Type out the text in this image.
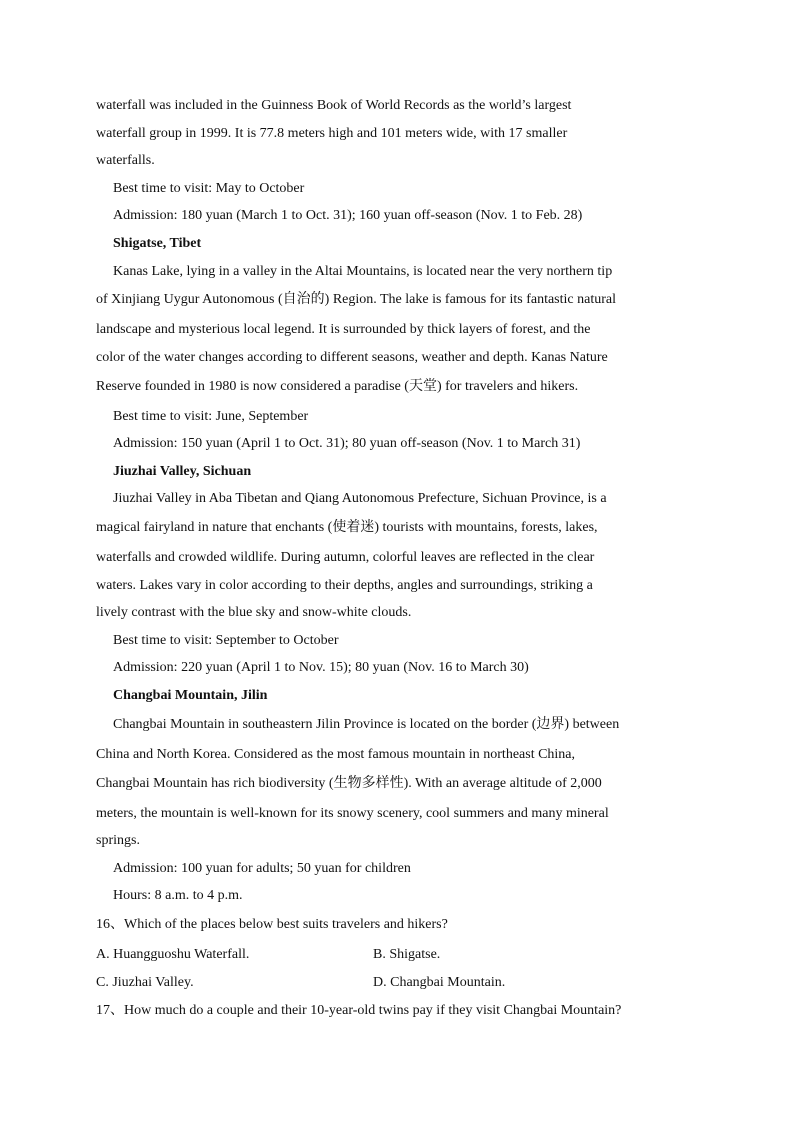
waterfall was included in the Guinness Book of World Records as the world’s largest
waterfall group in 1999. It is 77.8 meters high and 101 meters wide, with 17 smaller
waterfalls.
Best time to visit: May to October
Admission: 180 yuan (March 1 to Oct. 31); 160 yuan off-season (Nov. 1 to Feb. 28)
Shigatse, Tibet
Kanas Lake, lying in a valley in the Altai Mountains, is located near the very northern tip
of Xinjiang Uygur Autonomous (自治的) Region. The lake is famous for its fantastic natural
landscape and mysterious local legend. It is surrounded by thick layers of forest, and the
color of the water changes according to different seasons, weather and depth. Kanas Nature
Reserve founded in 1980 is now considered a paradise (天堂) for travelers and hikers.
Best time to visit: June, September
Admission: 150 yuan (April 1 to Oct. 31); 80 yuan off-season (Nov. 1 to March 31)
Jiuzhai Valley, Sichuan
Jiuzhai Valley in Aba Tibetan and Qiang Autonomous Prefecture, Sichuan Province, is a
magical fairyland in nature that enchants (使着迷) tourists with mountains, forests, lakes,
waterfalls and crowded wildlife. During autumn, colorful leaves are reflected in the clear
waters. Lakes vary in color according to their depths, angles and surroundings, striking a
lively contrast with the blue sky and snow-white clouds.
Best time to visit: September to October
Admission: 220 yuan (April 1 to Nov. 15); 80 yuan (Nov. 16 to March 30)
Changbai Mountain, Jilin
Changbai Mountain in southeastern Jilin Province is located on the border (边界) between
China and North Korea. Considered as the most famous mountain in northeast China,
Changbai Mountain has rich biodiversity (生物多样性). With an average altitude of 2,000
meters, the mountain is well-known for its snowy scenery, cool summers and many mineral
springs.
Admission: 100 yuan for adults; 50 yuan for children
Hours: 8 a.m. to 4 p.m.
16、Which of the places below best suits travelers and hikers?
A. Huangguoshu Waterfall.	B. Shigatse.
C. Jiuzhai Valley.	D. Changbai Mountain.
17、How much do a couple and their 10-year-old twins pay if they visit Changbai Mountain?
